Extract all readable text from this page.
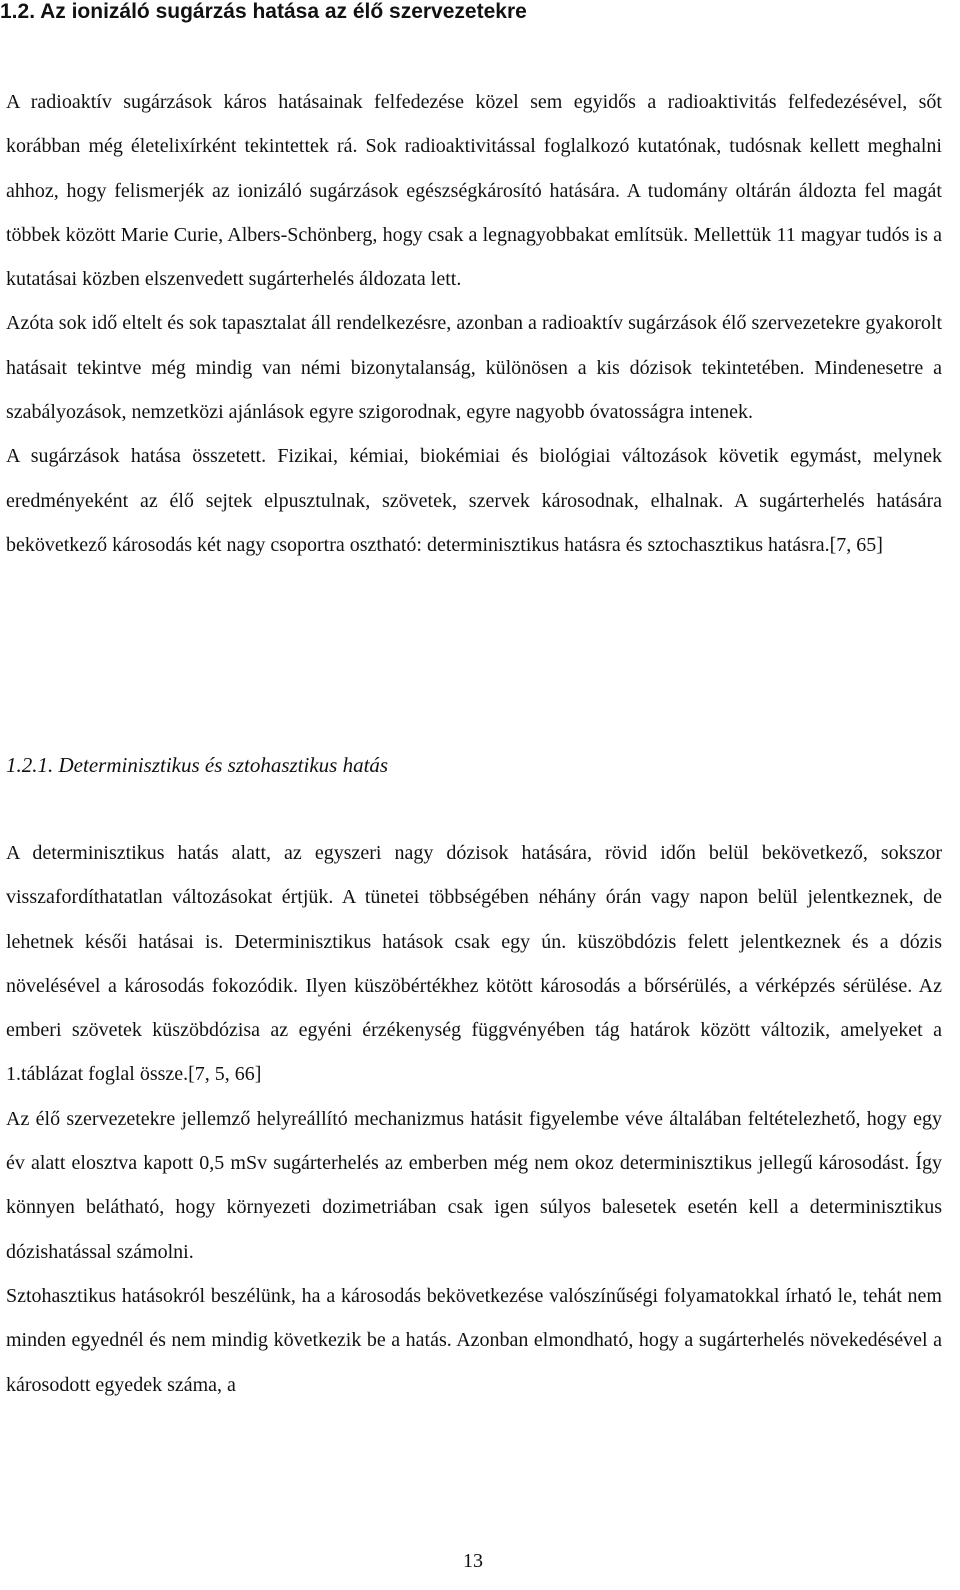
1.2. Az ionizáló sugárzás hatása az élő szervezetekre

A radioaktív sugárzások káros hatásainak felfedezése közel sem egyidős a radioaktivitás felfedezésével, sőt korábban még életelixírként tekintettek rá. Sok radioaktivitással foglalkozó kutatónak, tudósnak kellett meghalni ahhoz, hogy felismerjék az ionizáló sugárzások egészségkárosító hatására. A tudomány oltárán áldozta fel magát többek között Marie Curie, Albers-Schönberg, hogy csak a legnagyobbakat említsük. Mellettük 11 magyar tudós is a kutatásai közben elszenvedett sugárterhelés áldozata lett.

Azóta sok idő eltelt és sok tapasztalat áll rendelkezésre, azonban a radioaktív sugárzások élő szervezetekre gyakorolt hatásait tekintve még mindig van némi bizonytalanság, különösen a kis dózisok tekintetében. Mindenesetre a szabályozások, nemzetközi ajánlások egyre szigorodnak, egyre nagyobb óvatosságra intenek.

A sugárzások hatása összetett. Fizikai, kémiai, biokémiai és biológiai változások követik egymást, melynek eredményeként az élő sejtek elpusztulnak, szövetek, szervek károsodnak, elhalnak. A sugárterhelés hatására bekövetkező károsodás két nagy csoportra osztható: determinisztikus hatásra és sztochasztikus hatásra.[7, 65]

1.2.1. Determinisztikus és sztohasztikus hatás

A determinisztikus hatás alatt, az egyszeri nagy dózisok hatására, rövid időn belül bekövetkező, sokszor visszafordíthatatlan változásokat értjük. A tünetei többségében néhány órán vagy napon belül jelentkeznek, de lehetnek késői hatásai is. Determinisztikus hatások csak egy ún. küszöbdózis felett jelentkeznek és a dózis növelésével a károsodás fokozódik. Ilyen küszöbértékhez kötött károsodás a bőrsérülés, a vérképzés sérülése. Az emberi szövetek küszöbdózisa az egyéni érzékenység függvényében tág határok között változik, amelyeket a 1.táblázat foglal össze.[7, 5, 66]

Az élő szervezetekre jellemző helyreállító mechanizmus hatásit figyelembe véve általában feltételezhető, hogy egy év alatt elosztva kapott 0,5 mSv sugárterhelés az emberben még nem okoz determinisztikus jellegű károsodást. Így könnyen belátható, hogy környezeti dozimetriában csak igen súlyos balesetek esetén kell a determinisztikus dózishatással számolni.

Sztohasztikus hatásokról beszélünk, ha a károsodás bekövetkezése valószínűségi folyamatokkal írható le, tehát nem minden egyednél és nem mindig következik be a hatás. Azonban elmondható, hogy a sugárterhelés növekedésével a károsodott egyedek száma, a

13
